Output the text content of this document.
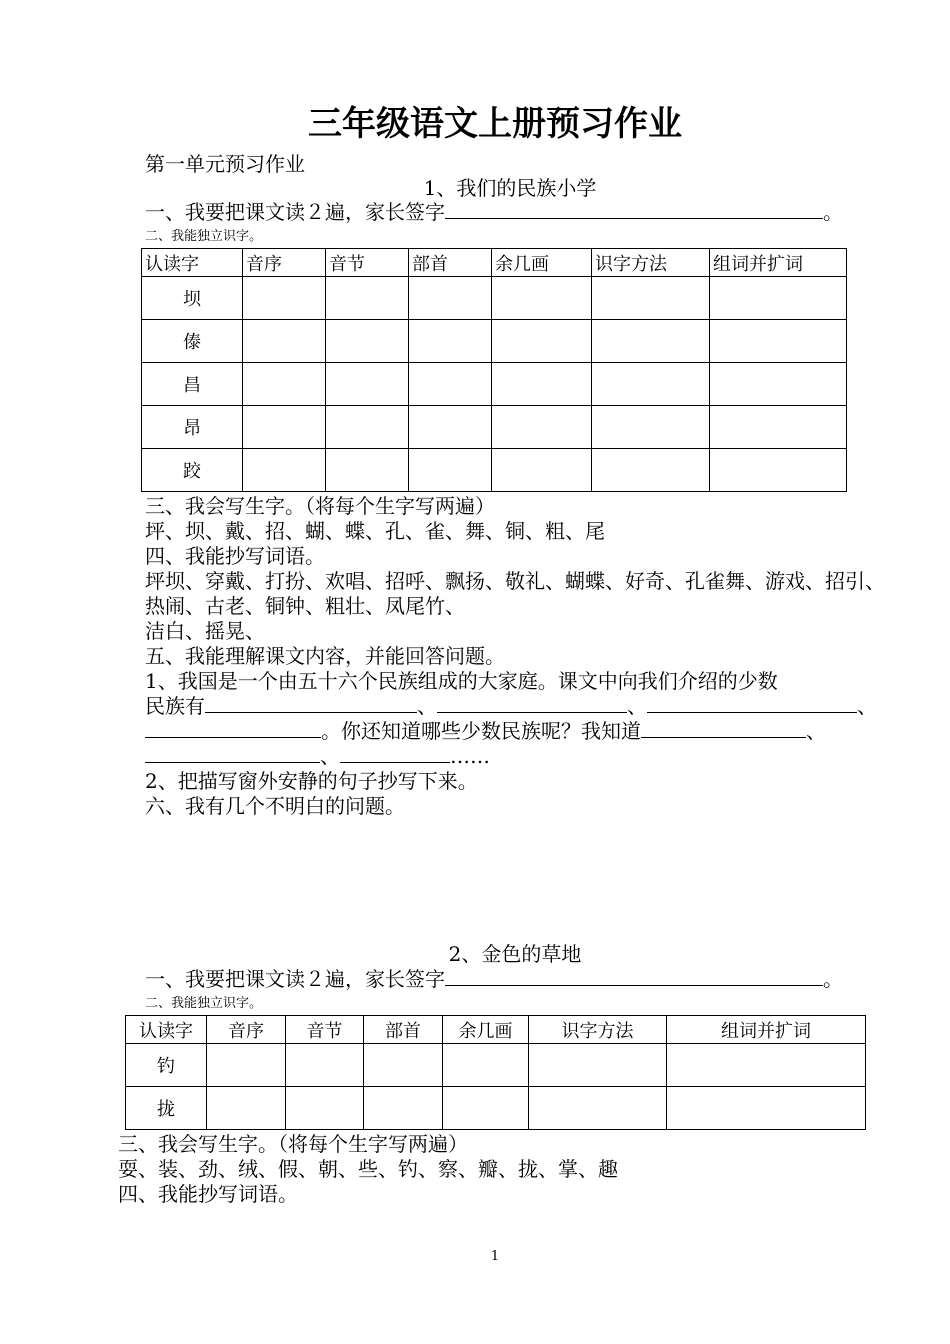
三年级语文上册预习作业
第一单元预习作业
1、我们的民族小学
一、我要把课文读２遍，家长签字	。
二、我能独立识字。
认读字	音序	音节	部首	余几画	识字方法	组词并扩词
坝						
傣						
昌						
昂						
跤						
三、我会写生字。（将每个生字写两遍）
坪、坝、戴、招、蝴、蝶、孔、雀、舞、铜、粗、尾
四、我能抄写词语。
坪坝、穿戴、打扮、欢唱、招呼、飘扬、敬礼、蝴蝶、好奇、孔雀舞、游戏、招引、
热闹、古老、铜钟、粗壮、凤尾竹、
洁白、摇晃、
五、我能理解课文内容，并能回答问题。
1、我国是一个由五十六个民族组成的大家庭。课文中向我们介绍的少数
民族有	、	、	、
。你还知道哪些少数民族呢？我知道	、
、	……
2、把描写窗外安静的句子抄写下来。
六、我有几个不明白的问题。
2、金色的草地
一、我要把课文读２遍，家长签字	。
二、我能独立识字。
认读字	音序	音节	部首	余几画	识字方法	组词并扩词
钓						
拢						
三、我会写生字。（将每个生字写两遍）
耍、装、劲、绒、假、朝、些、钓、察、瓣、拢、掌、趣
四、我能抄写词语。
1
